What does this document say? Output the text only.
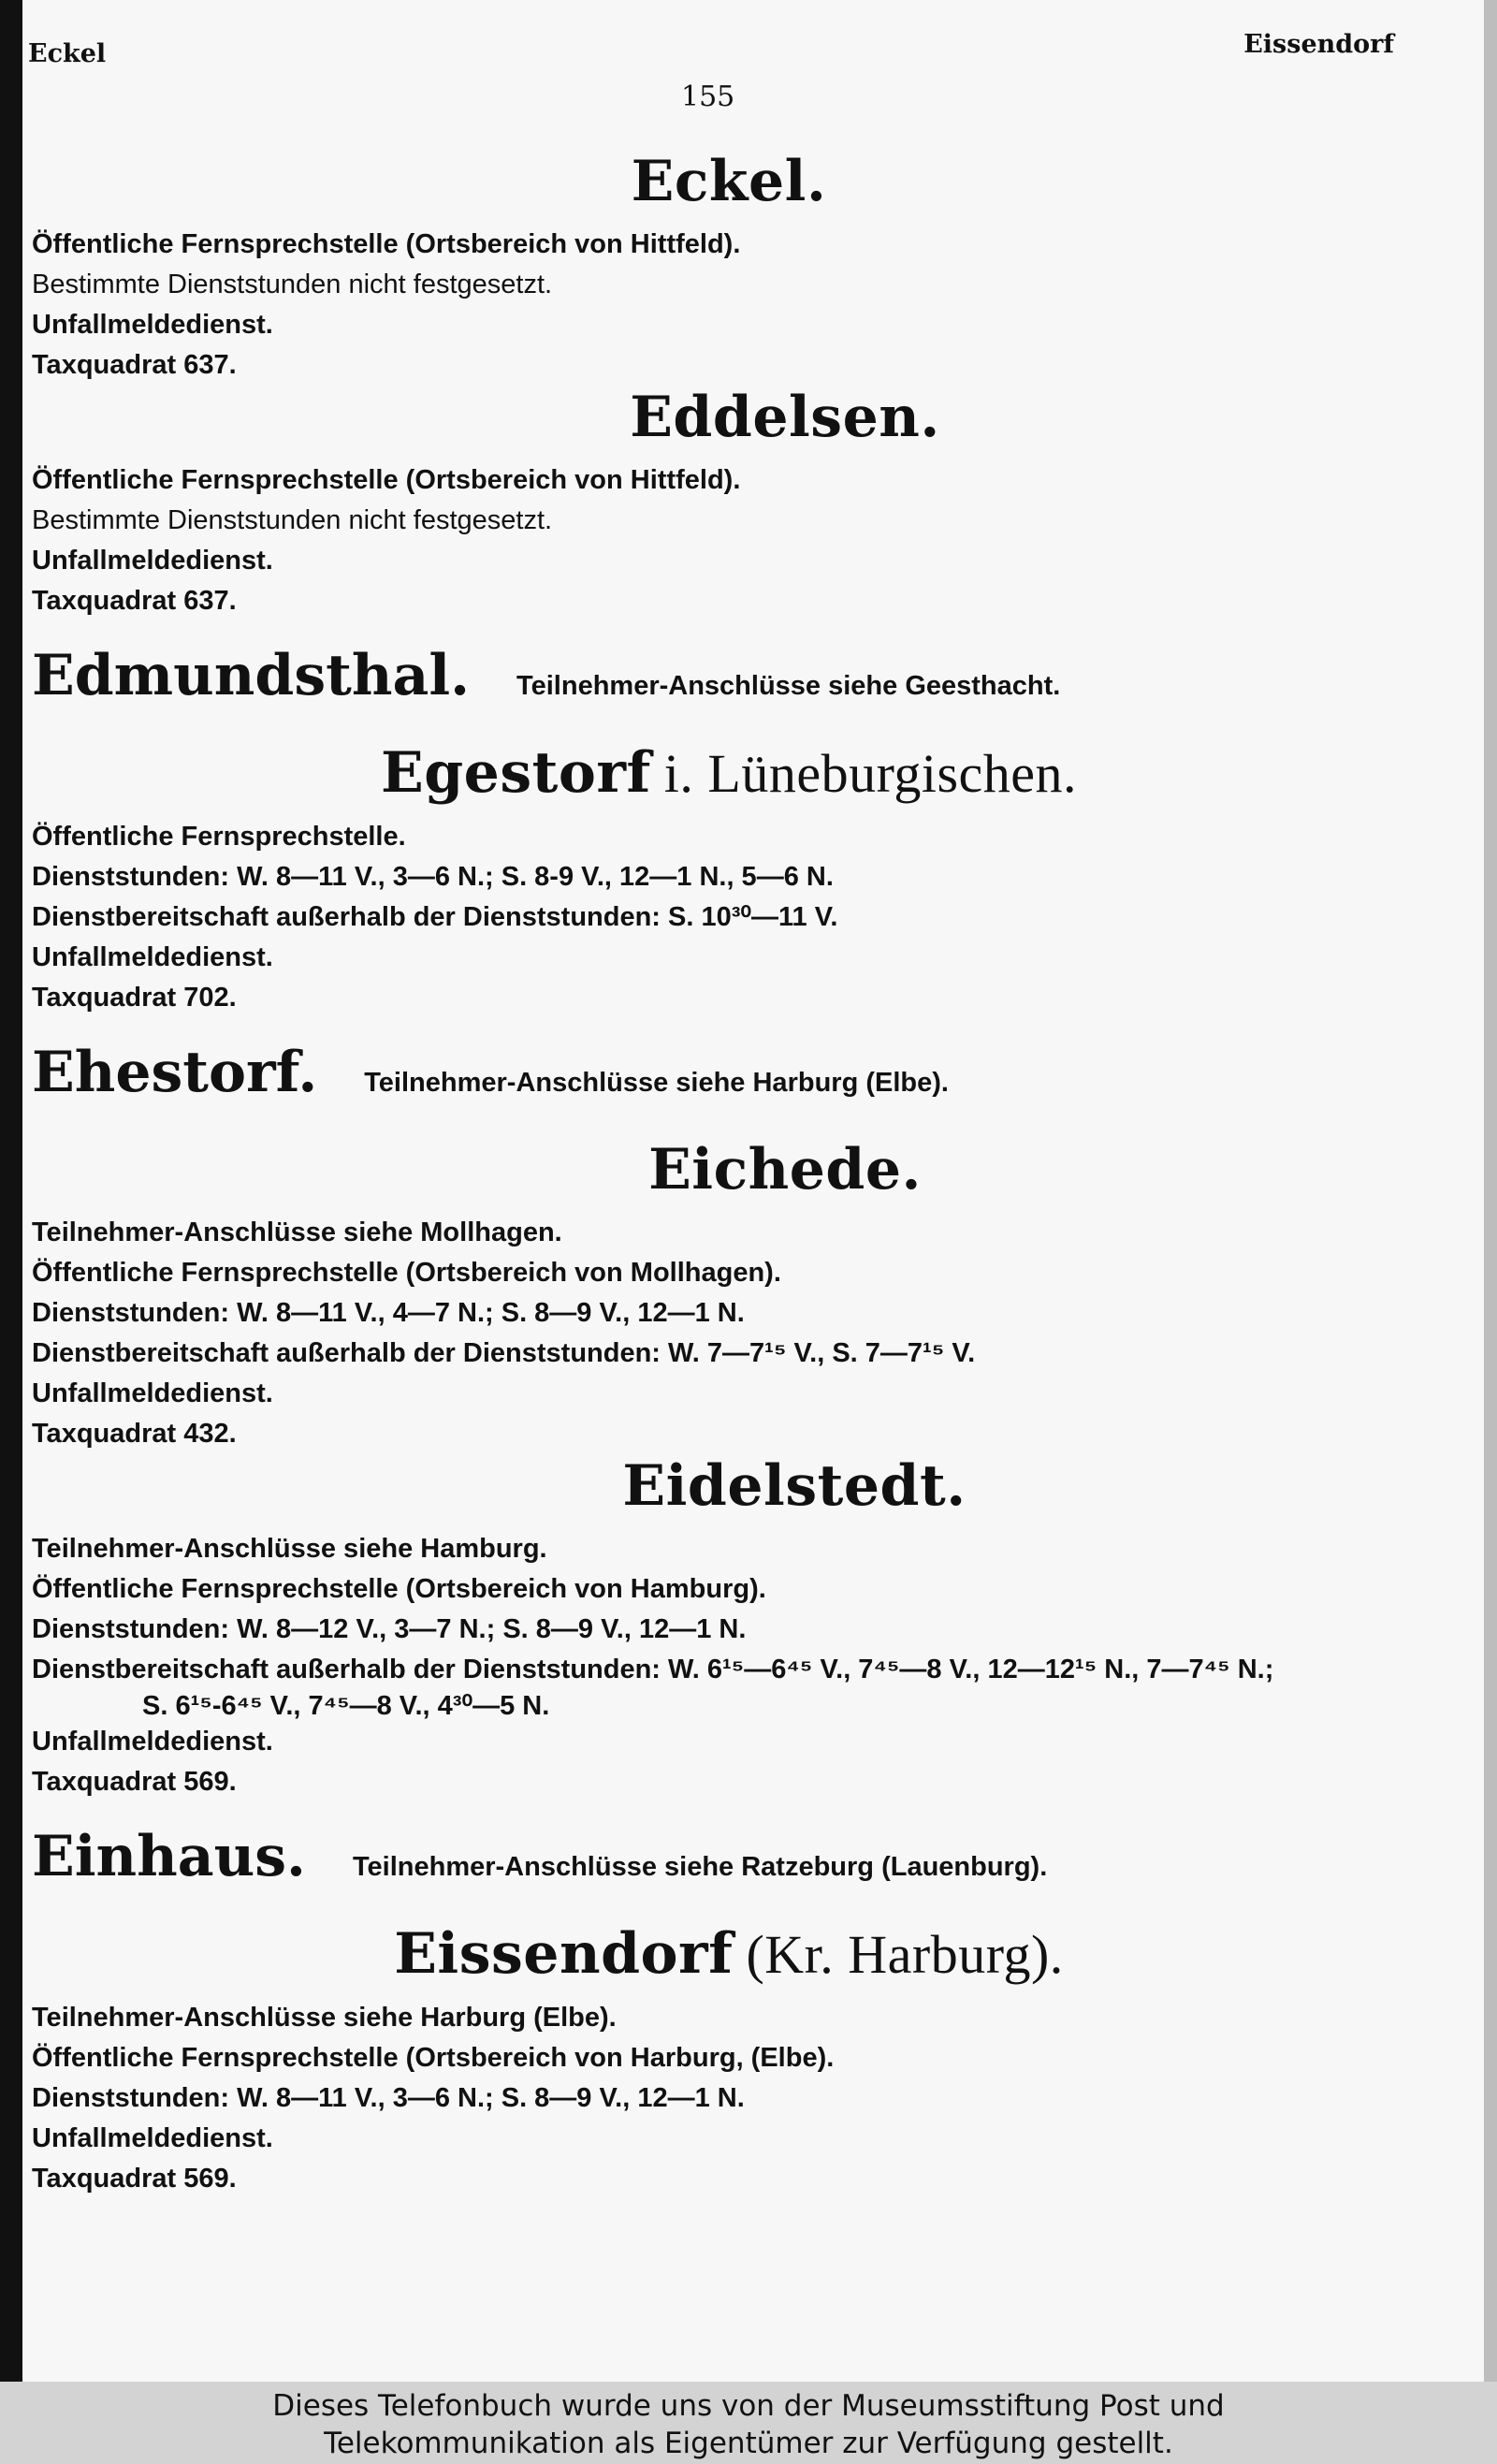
Eckel	Eissendorf
155
Eckel.
Öffentliche Fernsprechstelle (Ortsbereich von Hittfeld).
Bestimmte Dienststunden nicht festgesetzt.
Unfallmeldedienst.
Taxquadrat 637.
Eddelsen.
Öffentliche Fernsprechstelle (Ortsbereich von Hittfeld).
Bestimmte Dienststunden nicht festgesetzt.
Unfallmeldedienst.
Taxquadrat 637.
Edmundsthal. Teilnehmer-Anschlüsse siehe Geesthacht.
Egestorf i. Lüneburgischen.
Öffentliche Fernsprechstelle.
Dienststunden: W. 8—11 V., 3—6 N.; S. 8-9 V., 12—1 N., 5—6 N.
Dienstbereitschaft außerhalb der Dienststunden: S. 10³⁰—11 V.
Unfallmeldedienst.
Taxquadrat 702.
Ehestorf. Teilnehmer-Anschlüsse siehe Harburg (Elbe).
Eichede.
Teilnehmer-Anschlüsse siehe Mollhagen.
Öffentliche Fernsprechstelle (Ortsbereich von Mollhagen).
Dienststunden: W. 8—11 V., 4—7 N.; S. 8—9 V., 12—1 N.
Dienstbereitschaft außerhalb der Dienststunden: W. 7—7¹⁵ V., S. 7—7¹⁵ V.
Unfallmeldedienst.
Taxquadrat 432.
Eidelstedt.
Teilnehmer-Anschlüsse siehe Hamburg.
Öffentliche Fernsprechstelle (Ortsbereich von Hamburg).
Dienststunden: W. 8—12 V., 3—7 N.; S. 8—9 V., 12—1 N.
Dienstbereitschaft außerhalb der Dienststunden: W. 6¹⁵—6⁴⁵ V., 7⁴⁵—8 V., 12—12¹⁵ N., 7—7⁴⁵ N.;
S. 6¹⁵-6⁴⁵ V., 7⁴⁵—8 V., 4³⁰—5 N.
Unfallmeldedienst.
Taxquadrat 569.
Einhaus. Teilnehmer-Anschlüsse siehe Ratzeburg (Lauenburg).
Eissendorf (Kr. Harburg).
Teilnehmer-Anschlüsse siehe Harburg (Elbe).
Öffentliche Fernsprechstelle (Ortsbereich von Harburg, (Elbe).
Dienststunden: W. 8—11 V., 3—6 N.; S. 8—9 V., 12—1 N.
Unfallmeldedienst.
Taxquadrat 569.
Dieses Telefonbuch wurde uns von der Museumsstiftung Post und
Telekommunikation als Eigentümer zur Verfügung gestellt.
